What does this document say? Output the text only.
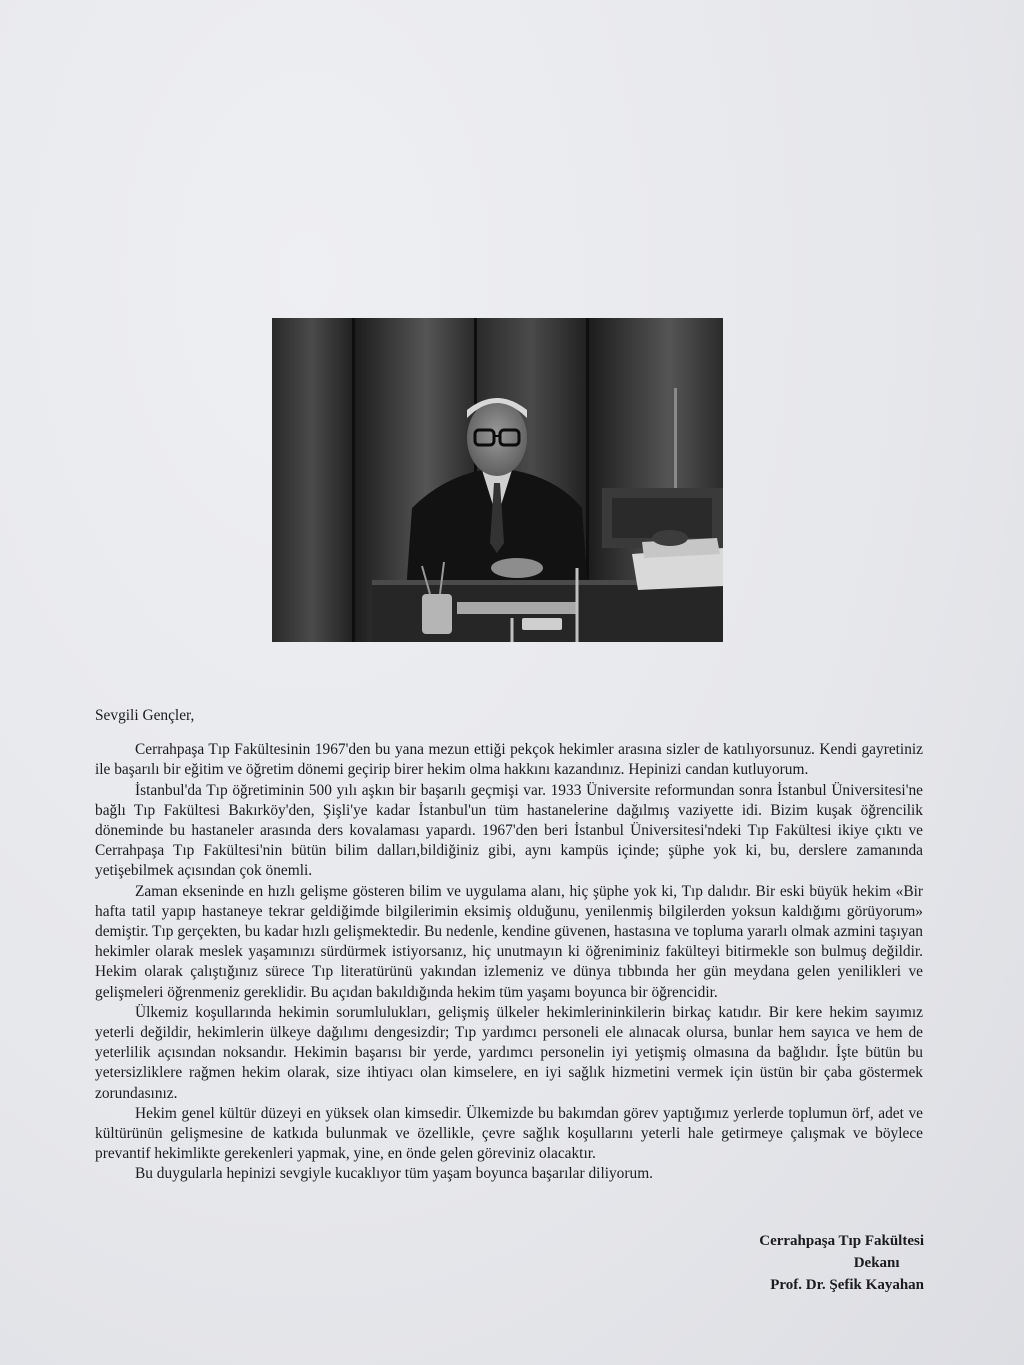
Sevgili Gençler,

Cerrahpaşa Tıp Fakültesinin 1967'den bu yana mezun ettiği pekçok hekimler arasına sizler de katılıyorsunuz. Kendi gayretiniz ile başarılı bir eğitim ve öğretim dönemi geçirip birer hekim olma hakkını kazandınız. Hepinizi candan kutluyorum.

İstanbul'da Tıp öğretiminin 500 yılı aşkın bir başarılı geçmişi var. 1933 Üniversite reformundan sonra İstanbul Üniversitesi'ne bağlı Tıp Fakültesi Bakırköy'den, Şişli'ye kadar İstanbul'un tüm hastanelerine dağılmış vaziyette idi. Bizim kuşak öğrencilik döneminde bu hastaneler arasında ders kovalaması yapardı. 1967'den beri İstanbul Üniversitesi'ndeki Tıp Fakültesi ikiye çıktı ve Cerrahpaşa Tıp Fakültesi'nin bütün bilim dalları,bildiğiniz gibi, aynı kampüs içinde; şüphe yok ki, bu, derslere zamanında yetişebilmek açısından çok önemli.

Zaman ekseninde en hızlı gelişme gösteren bilim ve uygulama alanı, hiç şüphe yok ki, Tıp dalıdır. Bir eski büyük hekim «Bir hafta tatil yapıp hastaneye tekrar geldiğimde bilgilerimin eksimiş olduğunu, yenilenmiş bilgilerden yoksun kaldığımı görüyorum» demiştir. Tıp gerçekten, bu kadar hızlı gelişmektedir. Bu nedenle, kendine güvenen, hastasına ve topluma yararlı olmak azmini taşıyan hekimler olarak meslek yaşamınızı sürdürmek istiyorsanız, hiç unutmayın ki öğreniminiz fakülteyi bitirmekle son bulmuş değildir. Hekim olarak çalıştığınız sürece Tıp literatürünü yakından izlemeniz ve dünya tıbbında her gün meydana gelen yenilikleri ve gelişmeleri öğrenmeniz gereklidir. Bu açıdan bakıldığında hekim tüm yaşamı boyunca bir öğrencidir.

Ülkemiz koşullarında hekimin sorumlulukları, gelişmiş ülkeler hekimlerininkilerin birkaç katıdır. Bir kere hekim sayımız yeterli değildir, hekimlerin ülkeye dağılımı dengesizdir; Tıp yardımcı personeli ele alınacak olursa, bunlar hem sayıca ve hem de yeterlilik açısından noksandır. Hekimin başarısı bir yerde, yardımcı personelin iyi yetişmiş olmasına da bağlıdır. İşte bütün bu yetersizliklere rağmen hekim olarak, size ihtiyacı olan kimselere, en iyi sağlık hizmetini vermek için üstün bir çaba göstermek zorundasınız.

Hekim genel kültür düzeyi en yüksek olan kimsedir. Ülkemizde bu bakımdan görev yaptığımız yerlerde toplumun örf, adet ve kültürünün gelişmesine de katkıda bulunmak ve özellikle, çevre sağlık koşullarını yeterli hale getirmeye çalışmak ve böylece prevantif hekimlikte gerekenleri yapmak, yine, en önde gelen göreviniz olacaktır.

Bu duygularla hepinizi sevgiyle kucaklıyor tüm yaşam boyunca başarılar diliyorum.

Cerrahpaşa Tıp Fakültesi
Dekanı
Prof. Dr. Şefik Kayahan
